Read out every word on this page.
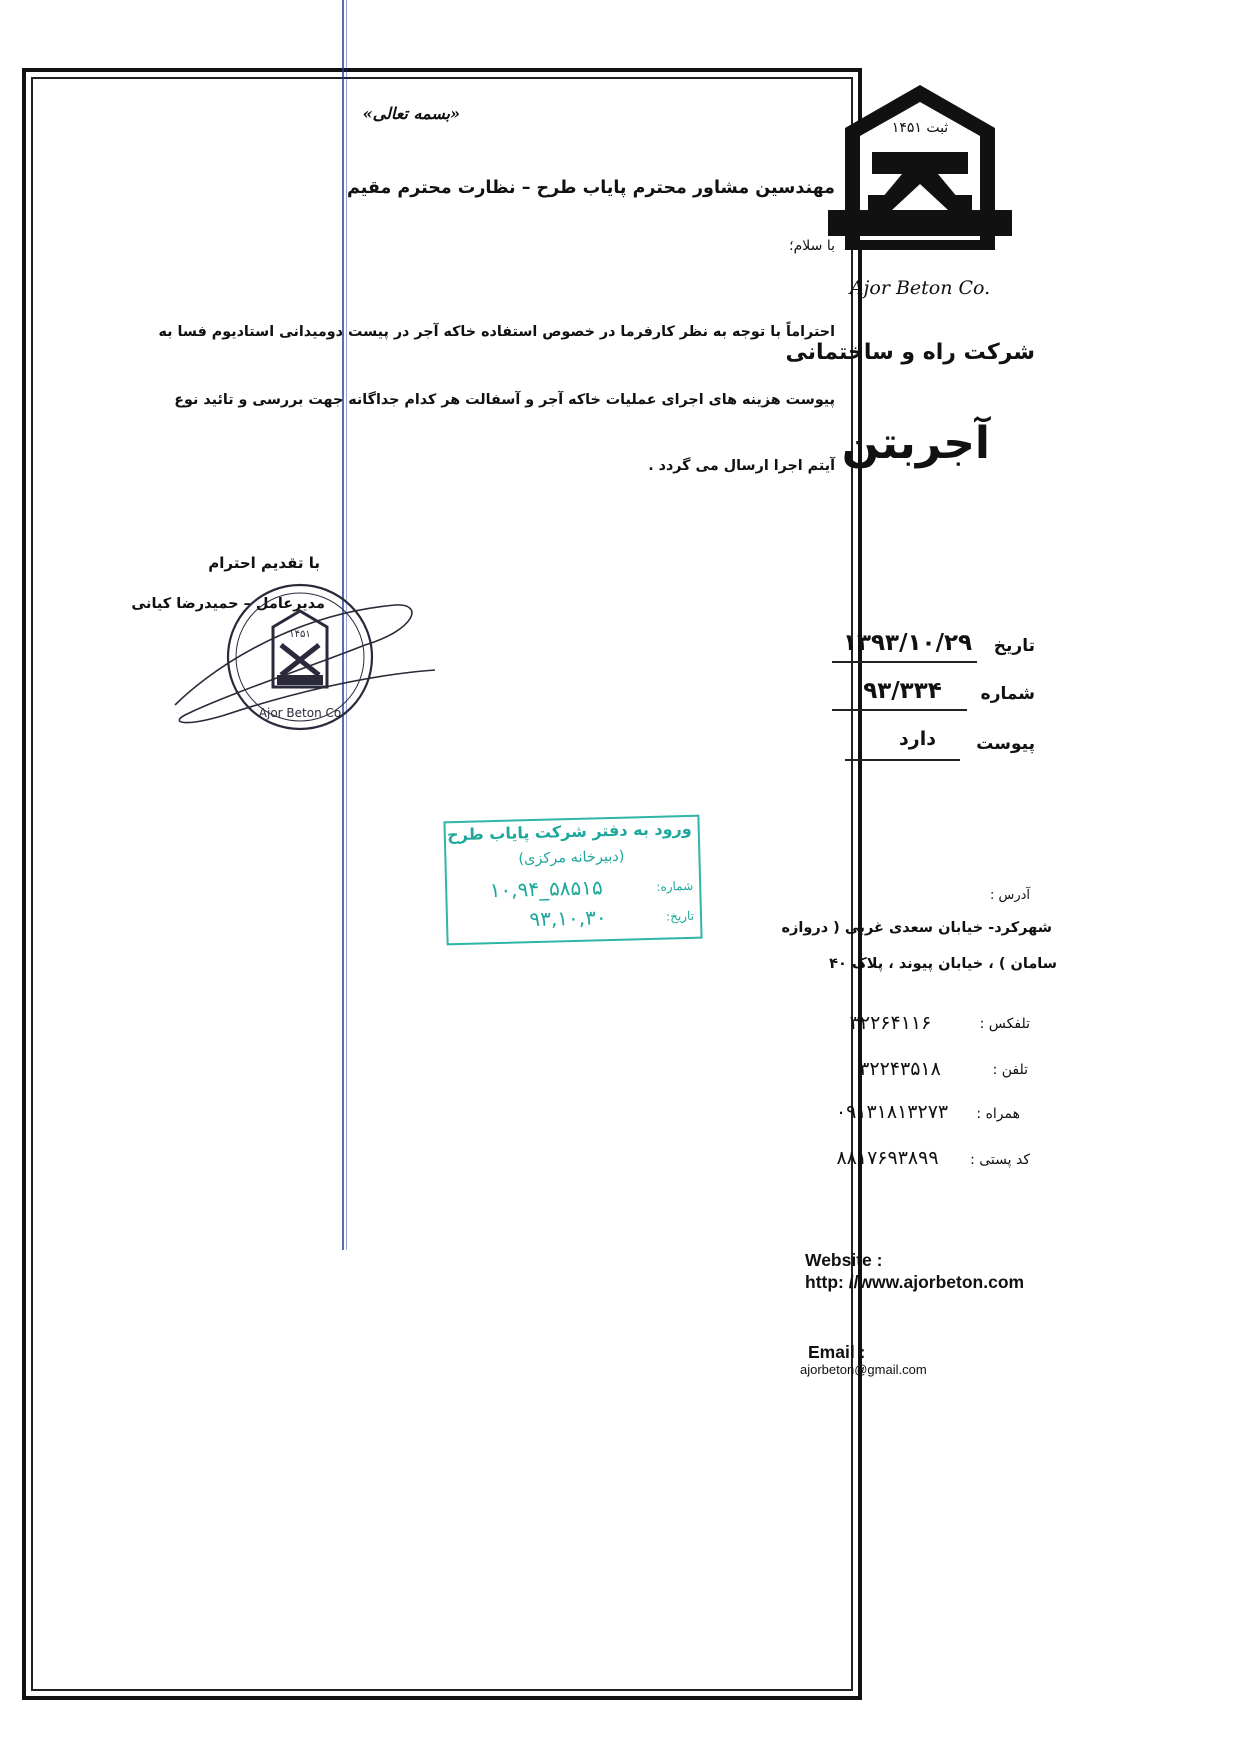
«بسمه تعالی»
مهندسین مشاور محترم پایاب طرح – نظارت محترم مقیم
با سلام؛
احتراماً با توجه به نظر کارفرما در خصوص استفاده خاکه آجر در پیست دومیدانی استادیوم فسا به
پیوست هزینه های اجرای عملیات خاکه آجر و آسفالت هر کدام جداگانه جهت بررسی و تائید نوع
آیتم اجرا ارسال می گردد .
با تقدیم احترام
مدیرعامل – حمیدرضا کیانی
Ajor Beton Co
۱۴۵۱
ورود به دفتر شرکت پایاب طرح
(دبیرخانه مرکزی)
شماره:
۱۰,۹۴_۵۸۵۱۵
تاریخ:
۹۳,۱۰,۳۰
ثبت ۱۴۵۱
Ajor Beton Co.
شرکت راه و ساختمانی
آجربتن
تاریخ
۱۳۹۳/۱۰/۲۹
شماره
۹۳/۳۳۴
پیوست
دارد
آدرس :
شهرکرد- خیابان سعدی غربی ( دروازه
سامان ) ، خیابان پیوند ، پلاک ۴۰
تلفکس :
۳۲۲۶۴۱۱۶
تلفن :
۳۲۲۴۳۵۱۸
همراه :
۰۹۱۳۱۸۱۳۲۷۳
کد پستی :
۸۸۱۷۶۹۳۸۹۹
Website :
http: //www.ajorbeton.com
Email :
ajorbeton@gmail.com
